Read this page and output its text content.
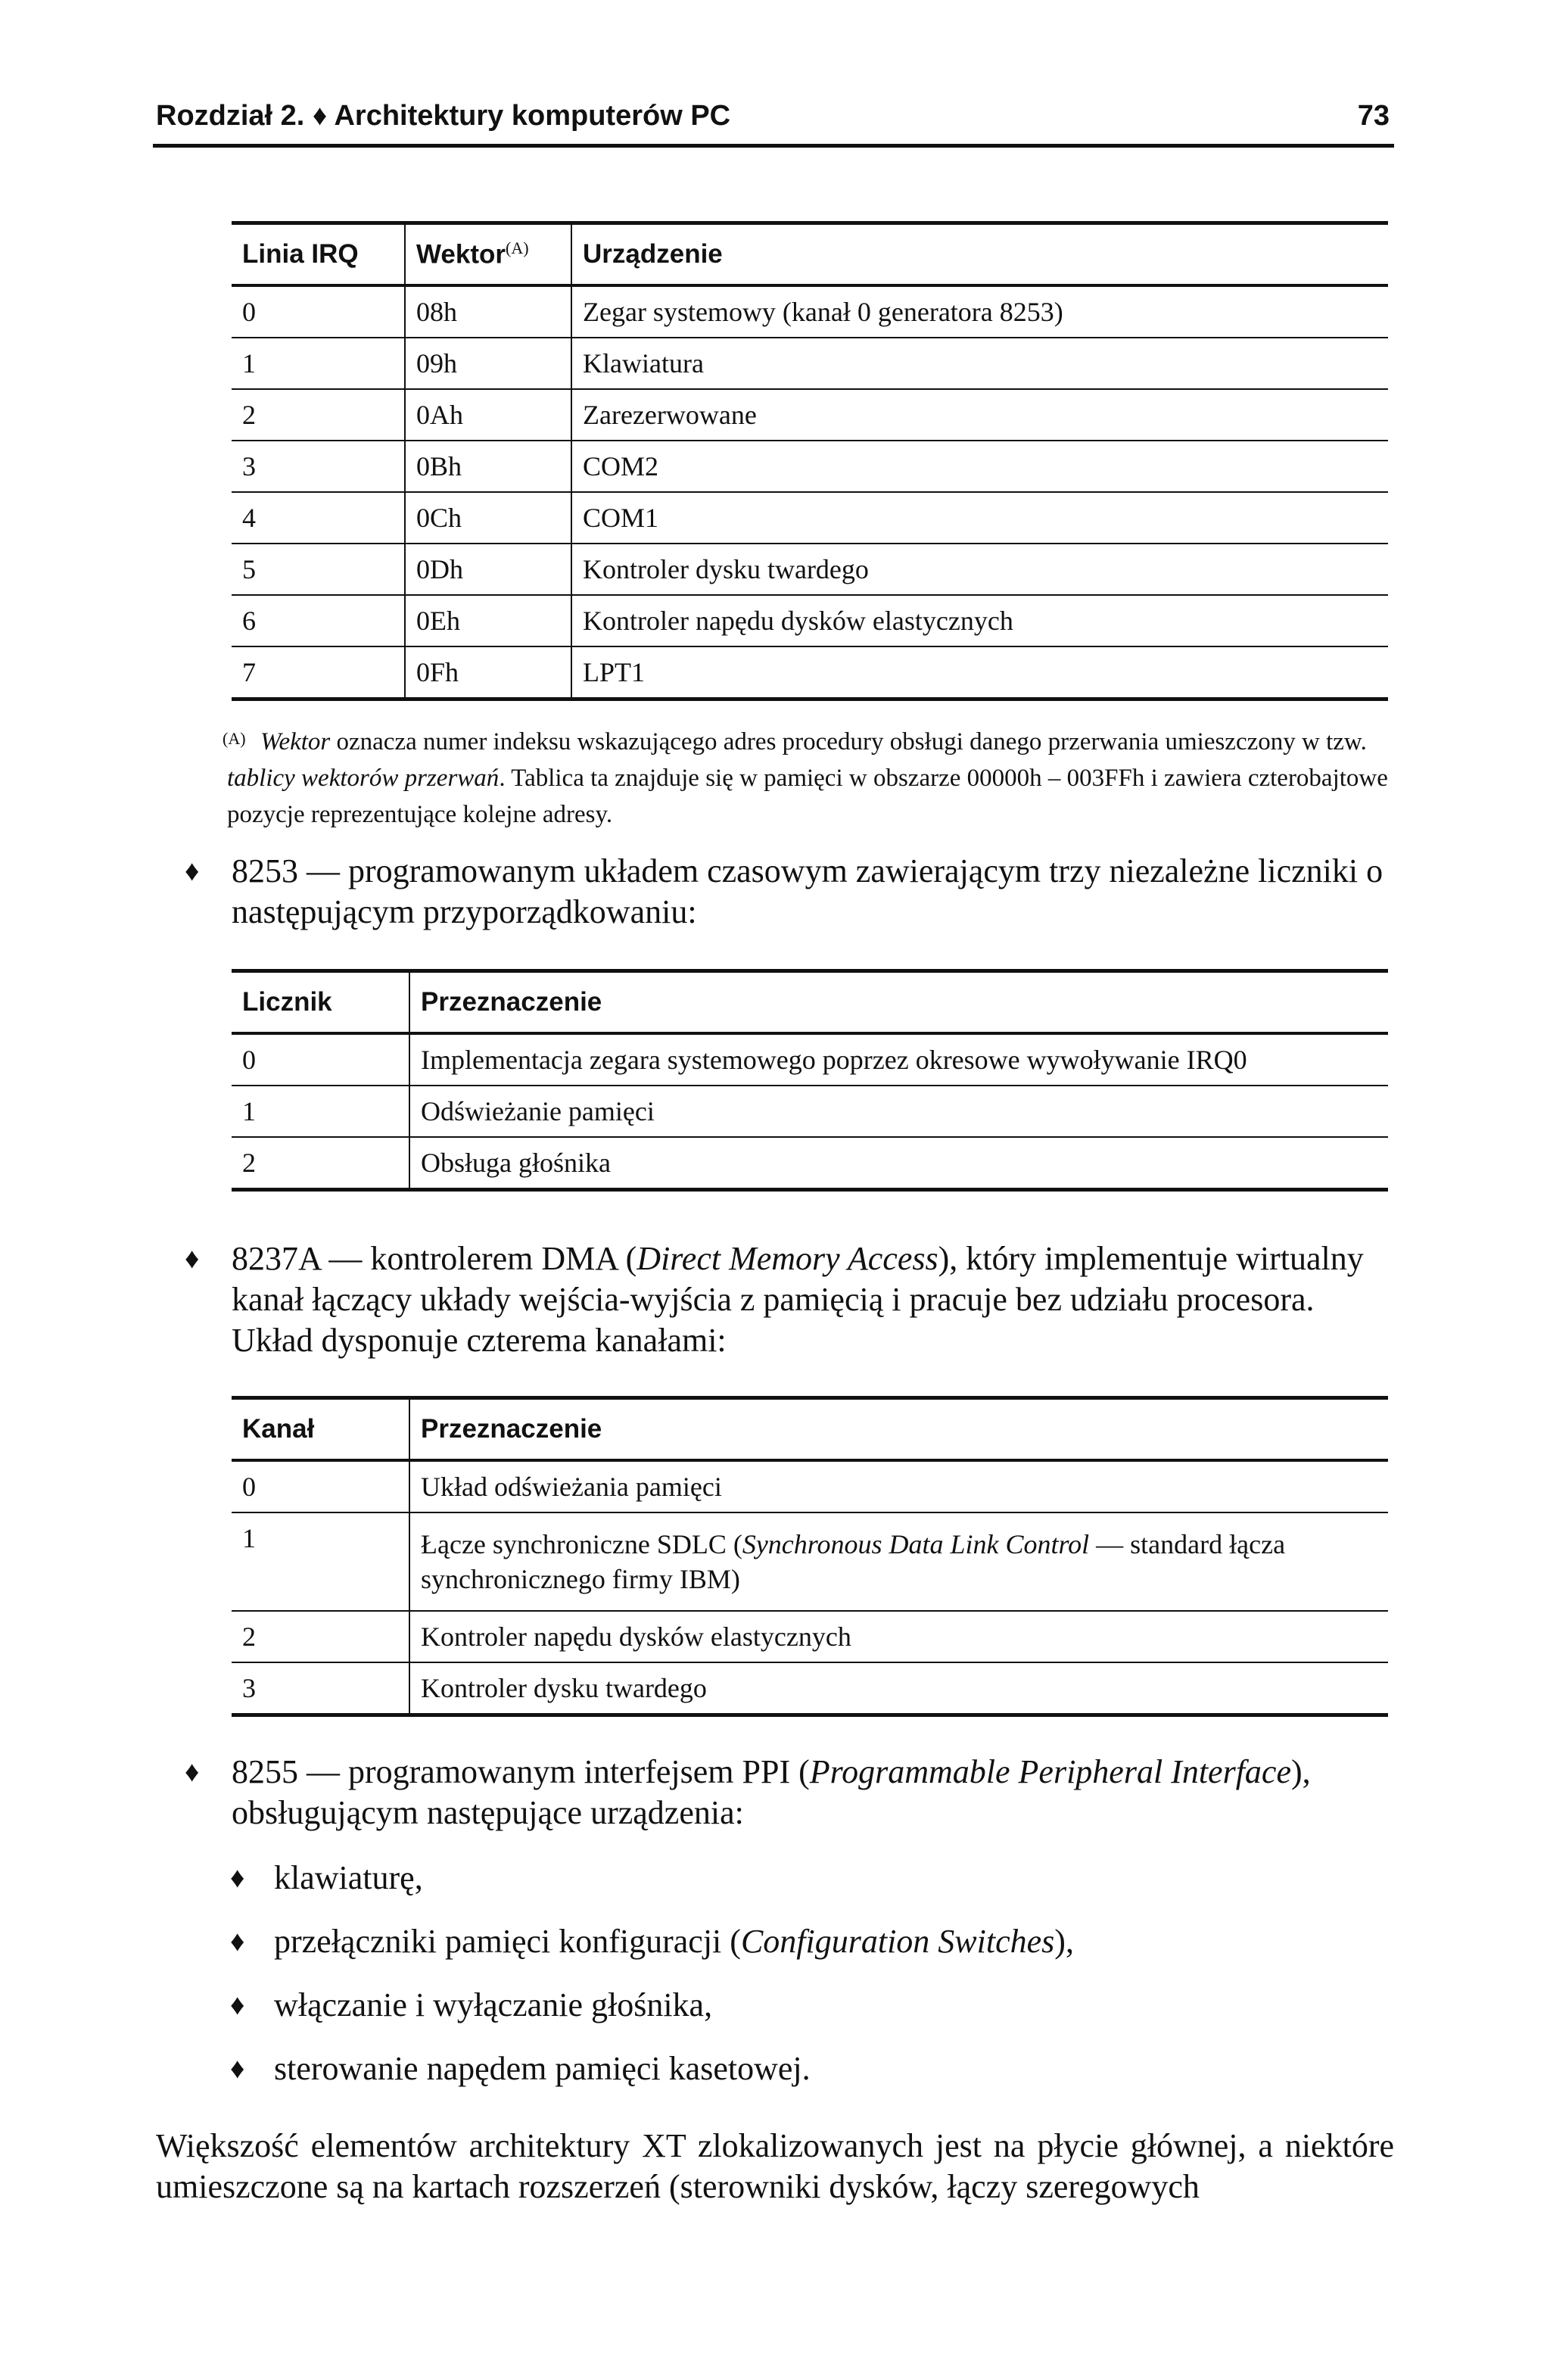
Rozdział 2. ♦ Architektury komputerów PC	73
Linia IRQ	Wektor$^{(A)}$	Urządzenie
0	08h	Zegar systemowy (kanał 0 generatora 8253)
1	09h	Klawiatura
2	0Ah	Zarezerwowane
3	0Bh	COM2
4	0Ch	COM1
5	0Dh	Kontroler dysku twardego
6	0Eh	Kontroler napędu dysków elastycznych
7	0Fh	LPT1
(A) Wektor oznacza numer indeksu wskazującego adres procedury obsługi danego przerwania umieszczony w tzw. tablicy wektorów przerwań. Tablica ta znajduje się w pamięci w obszarze 00000h – 003FFh i zawiera czterobajtowe pozycje reprezentujące kolejne adresy.
♦ 8253 — programowanym układem czasowym zawierającym trzy niezależne liczniki o następującym przyporządkowaniu:
Licznik	Przeznaczenie
0	Implementacja zegara systemowego poprzez okresowe wywoływanie IRQ0
1	Odświeżanie pamięci
2	Obsługa głośnika
♦ 8237A — kontrolerem DMA (Direct Memory Access), który implementuje wirtualny kanał łączący układy wejścia-wyjścia z pamięcią i pracuje bez udziału procesora. Układ dysponuje czterema kanałami:
Kanał	Przeznaczenie
0	Układ odświeżania pamięci
1	Łącze synchroniczne SDLC (Synchronous Data Link Control — standard łącza synchronicznego firmy IBM)
2	Kontroler napędu dysków elastycznych
3	Kontroler dysku twardego
♦ 8255 — programowanym interfejsem PPI (Programmable Peripheral Interface), obsługującym następujące urządzenia:
♦ klawiaturę,
♦ przełączniki pamięci konfiguracji (Configuration Switches),
♦ włączanie i wyłączanie głośnika,
♦ sterowanie napędem pamięci kasetowej.
Większość elementów architektury XT zlokalizowanych jest na płycie głównej, a niektóre umieszczone są na kartach rozszerzeń (sterowniki dysków, łączy szeregowych
